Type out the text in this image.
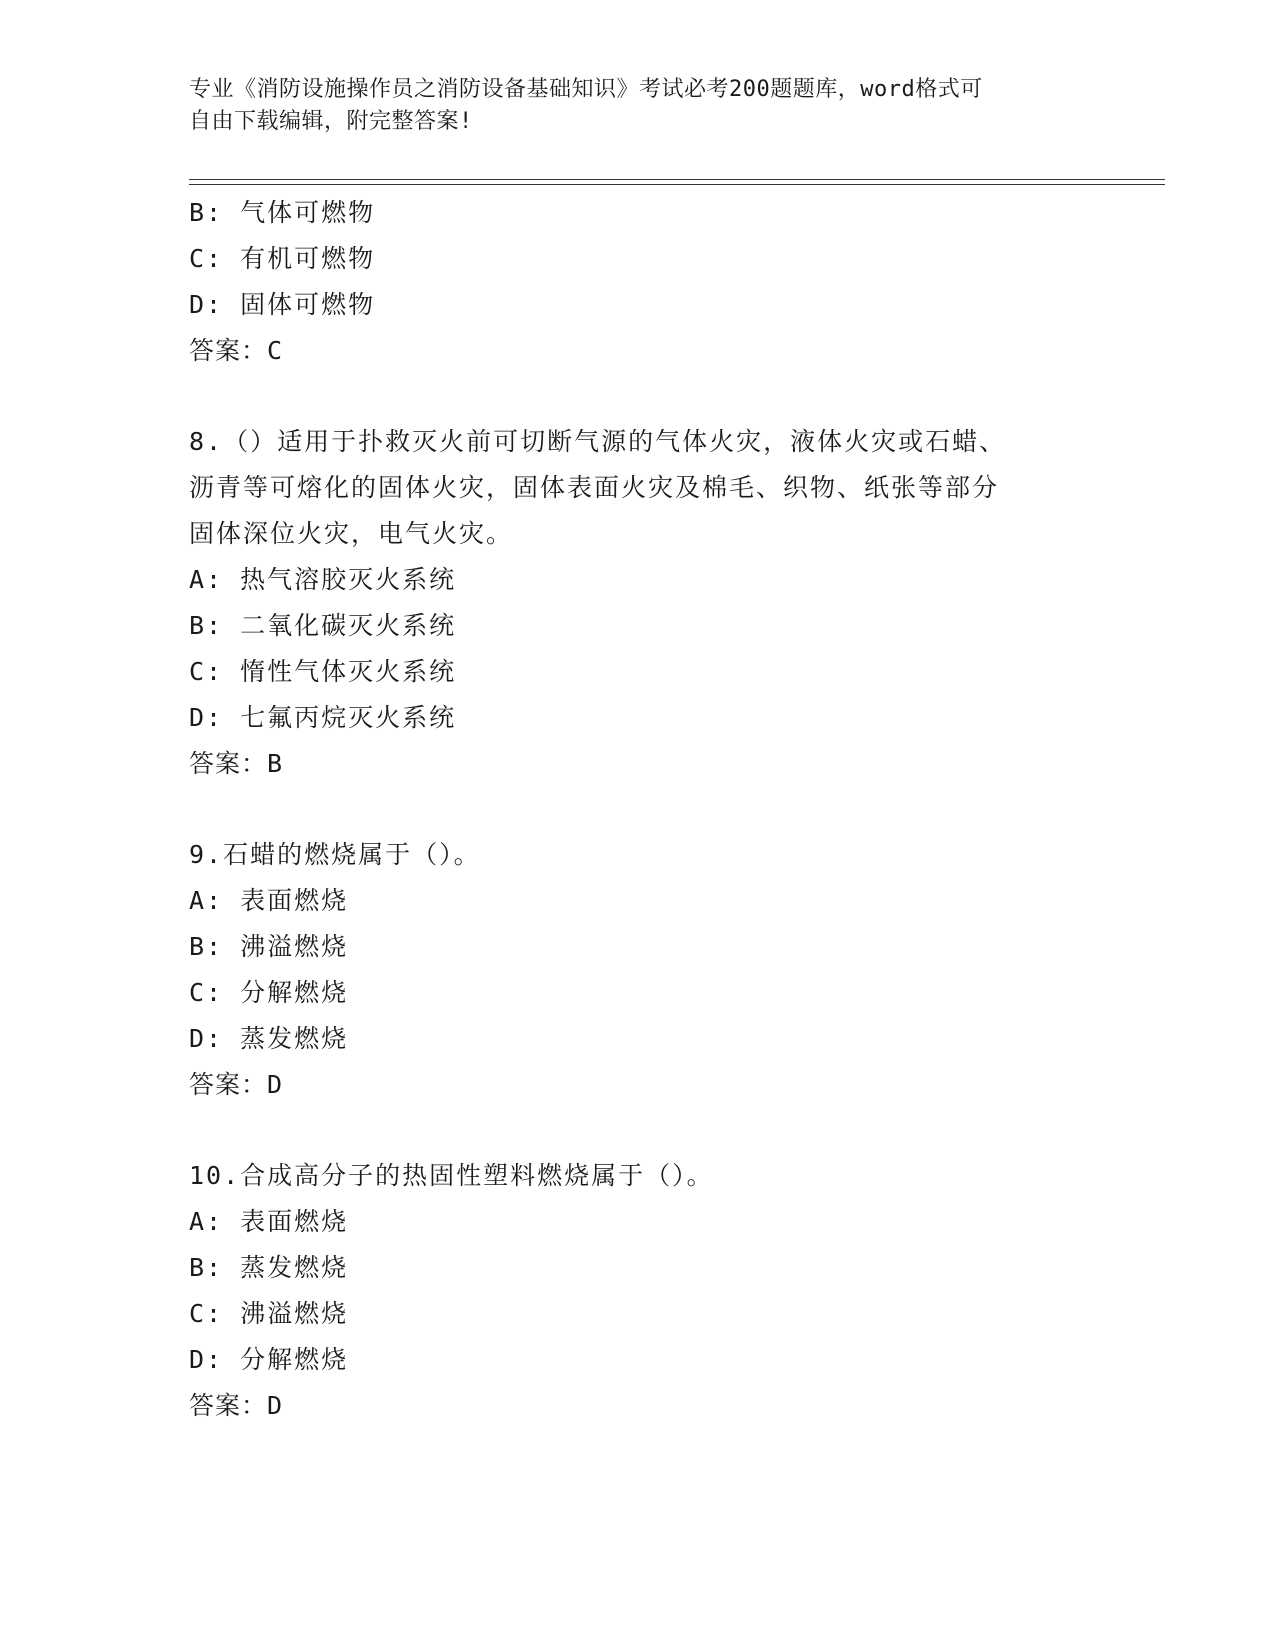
专业《消防设施操作员之消防设备基础知识》考试必考200题题库，word格式可
自由下载编辑，附完整答案!
B: 气体可燃物
C: 有机可燃物
D: 固体可燃物
答案：C
8.（）适用于扑救灭火前可切断气源的气体火灾，液体火灾或石蜡、
沥青等可熔化的固体火灾，固体表面火灾及棉毛、织物、纸张等部分
固体深位火灾，电气火灾。
A: 热气溶胶灭火系统
B: 二氧化碳灭火系统
C: 惰性气体灭火系统
D: 七氟丙烷灭火系统
答案：B
9.石蜡的燃烧属于（）。
A: 表面燃烧
B: 沸溢燃烧
C: 分解燃烧
D: 蒸发燃烧
答案：D
10.合成高分子的热固性塑料燃烧属于（）。
A: 表面燃烧
B: 蒸发燃烧
C: 沸溢燃烧
D: 分解燃烧
答案：D
